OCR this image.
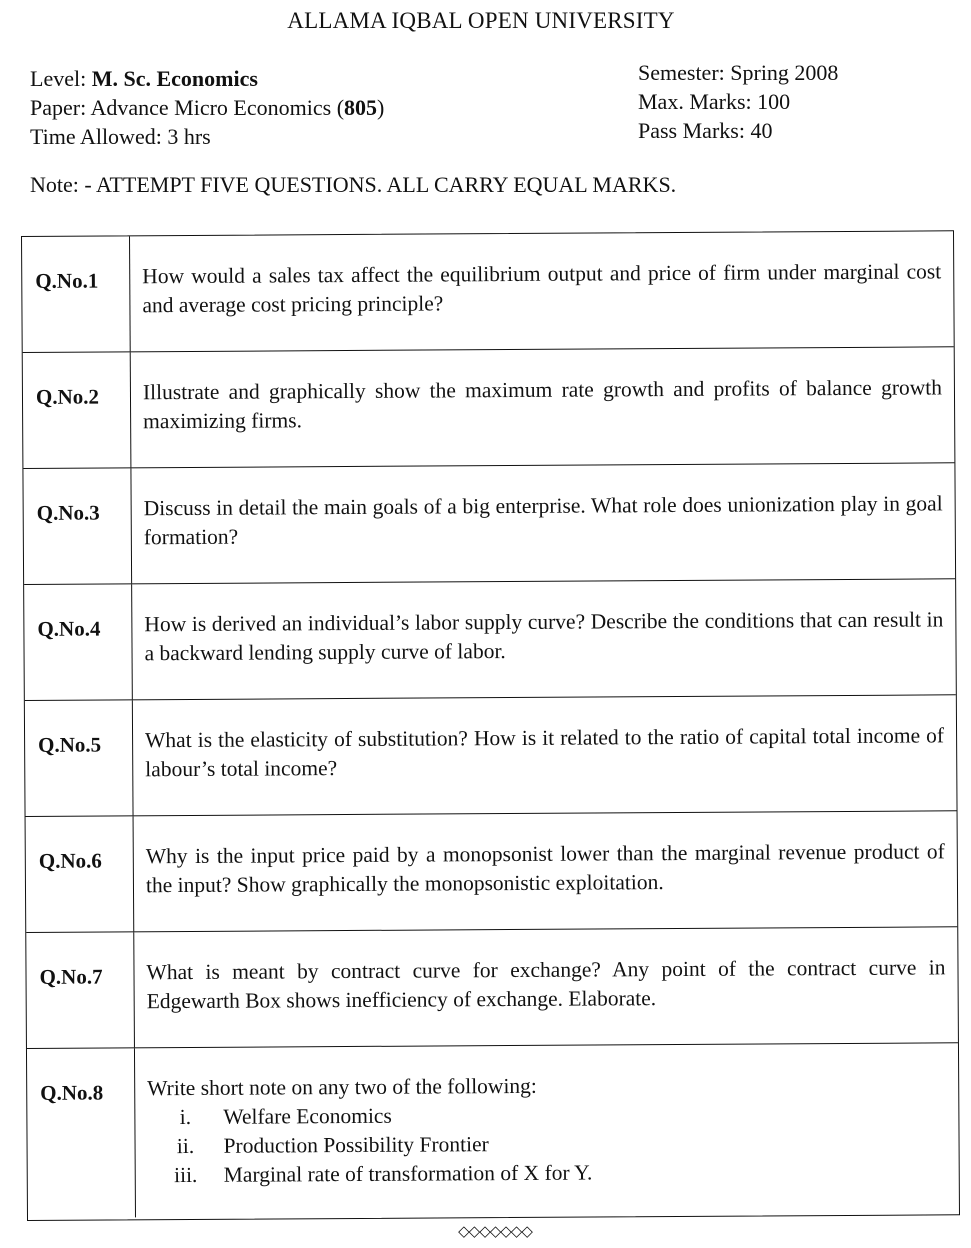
ALLAMA IQBAL OPEN UNIVERSITY
Level: M. Sc. Economics
Paper: Advance Micro Economics (805)
Time Allowed: 3 hrs
Semester: Spring 2008
Max. Marks: 100
Pass Marks: 40
Note: - ATTEMPT FIVE QUESTIONS. ALL CARRY EQUAL MARKS.
Q.No.1	How would a sales tax affect the equilibrium output and price of firm under marginal cost and average cost pricing principle?
Q.No.2	Illustrate and graphically show the maximum rate growth and profits of balance growth maximizing firms.
Q.No.3	Discuss in detail the main goals of a big enterprise. What role does unionization play in goal formation?
Q.No.4	How is derived an individual’s labor supply curve? Describe the conditions that can result in a backward lending supply curve of labor.
Q.No.5	What is the elasticity of substitution? How is it related to the ratio of capital total income of labour’s total income?
Q.No.6	Why is the input price paid by a monopsonist lower than the marginal revenue product of the input? Show graphically the monopsonistic exploitation.
Q.No.7	What is meant by contract curve for exchange? Any point of the contract curve in Edgewarth Box shows inefficiency of exchange. Elaborate.
Q.No.8	Write short note on any two of the following:
i.	Welfare Economics
ii.	Production Possibility Frontier
iii.	Marginal rate of transformation of X for Y.
◇◇◇◇◇◇◇
